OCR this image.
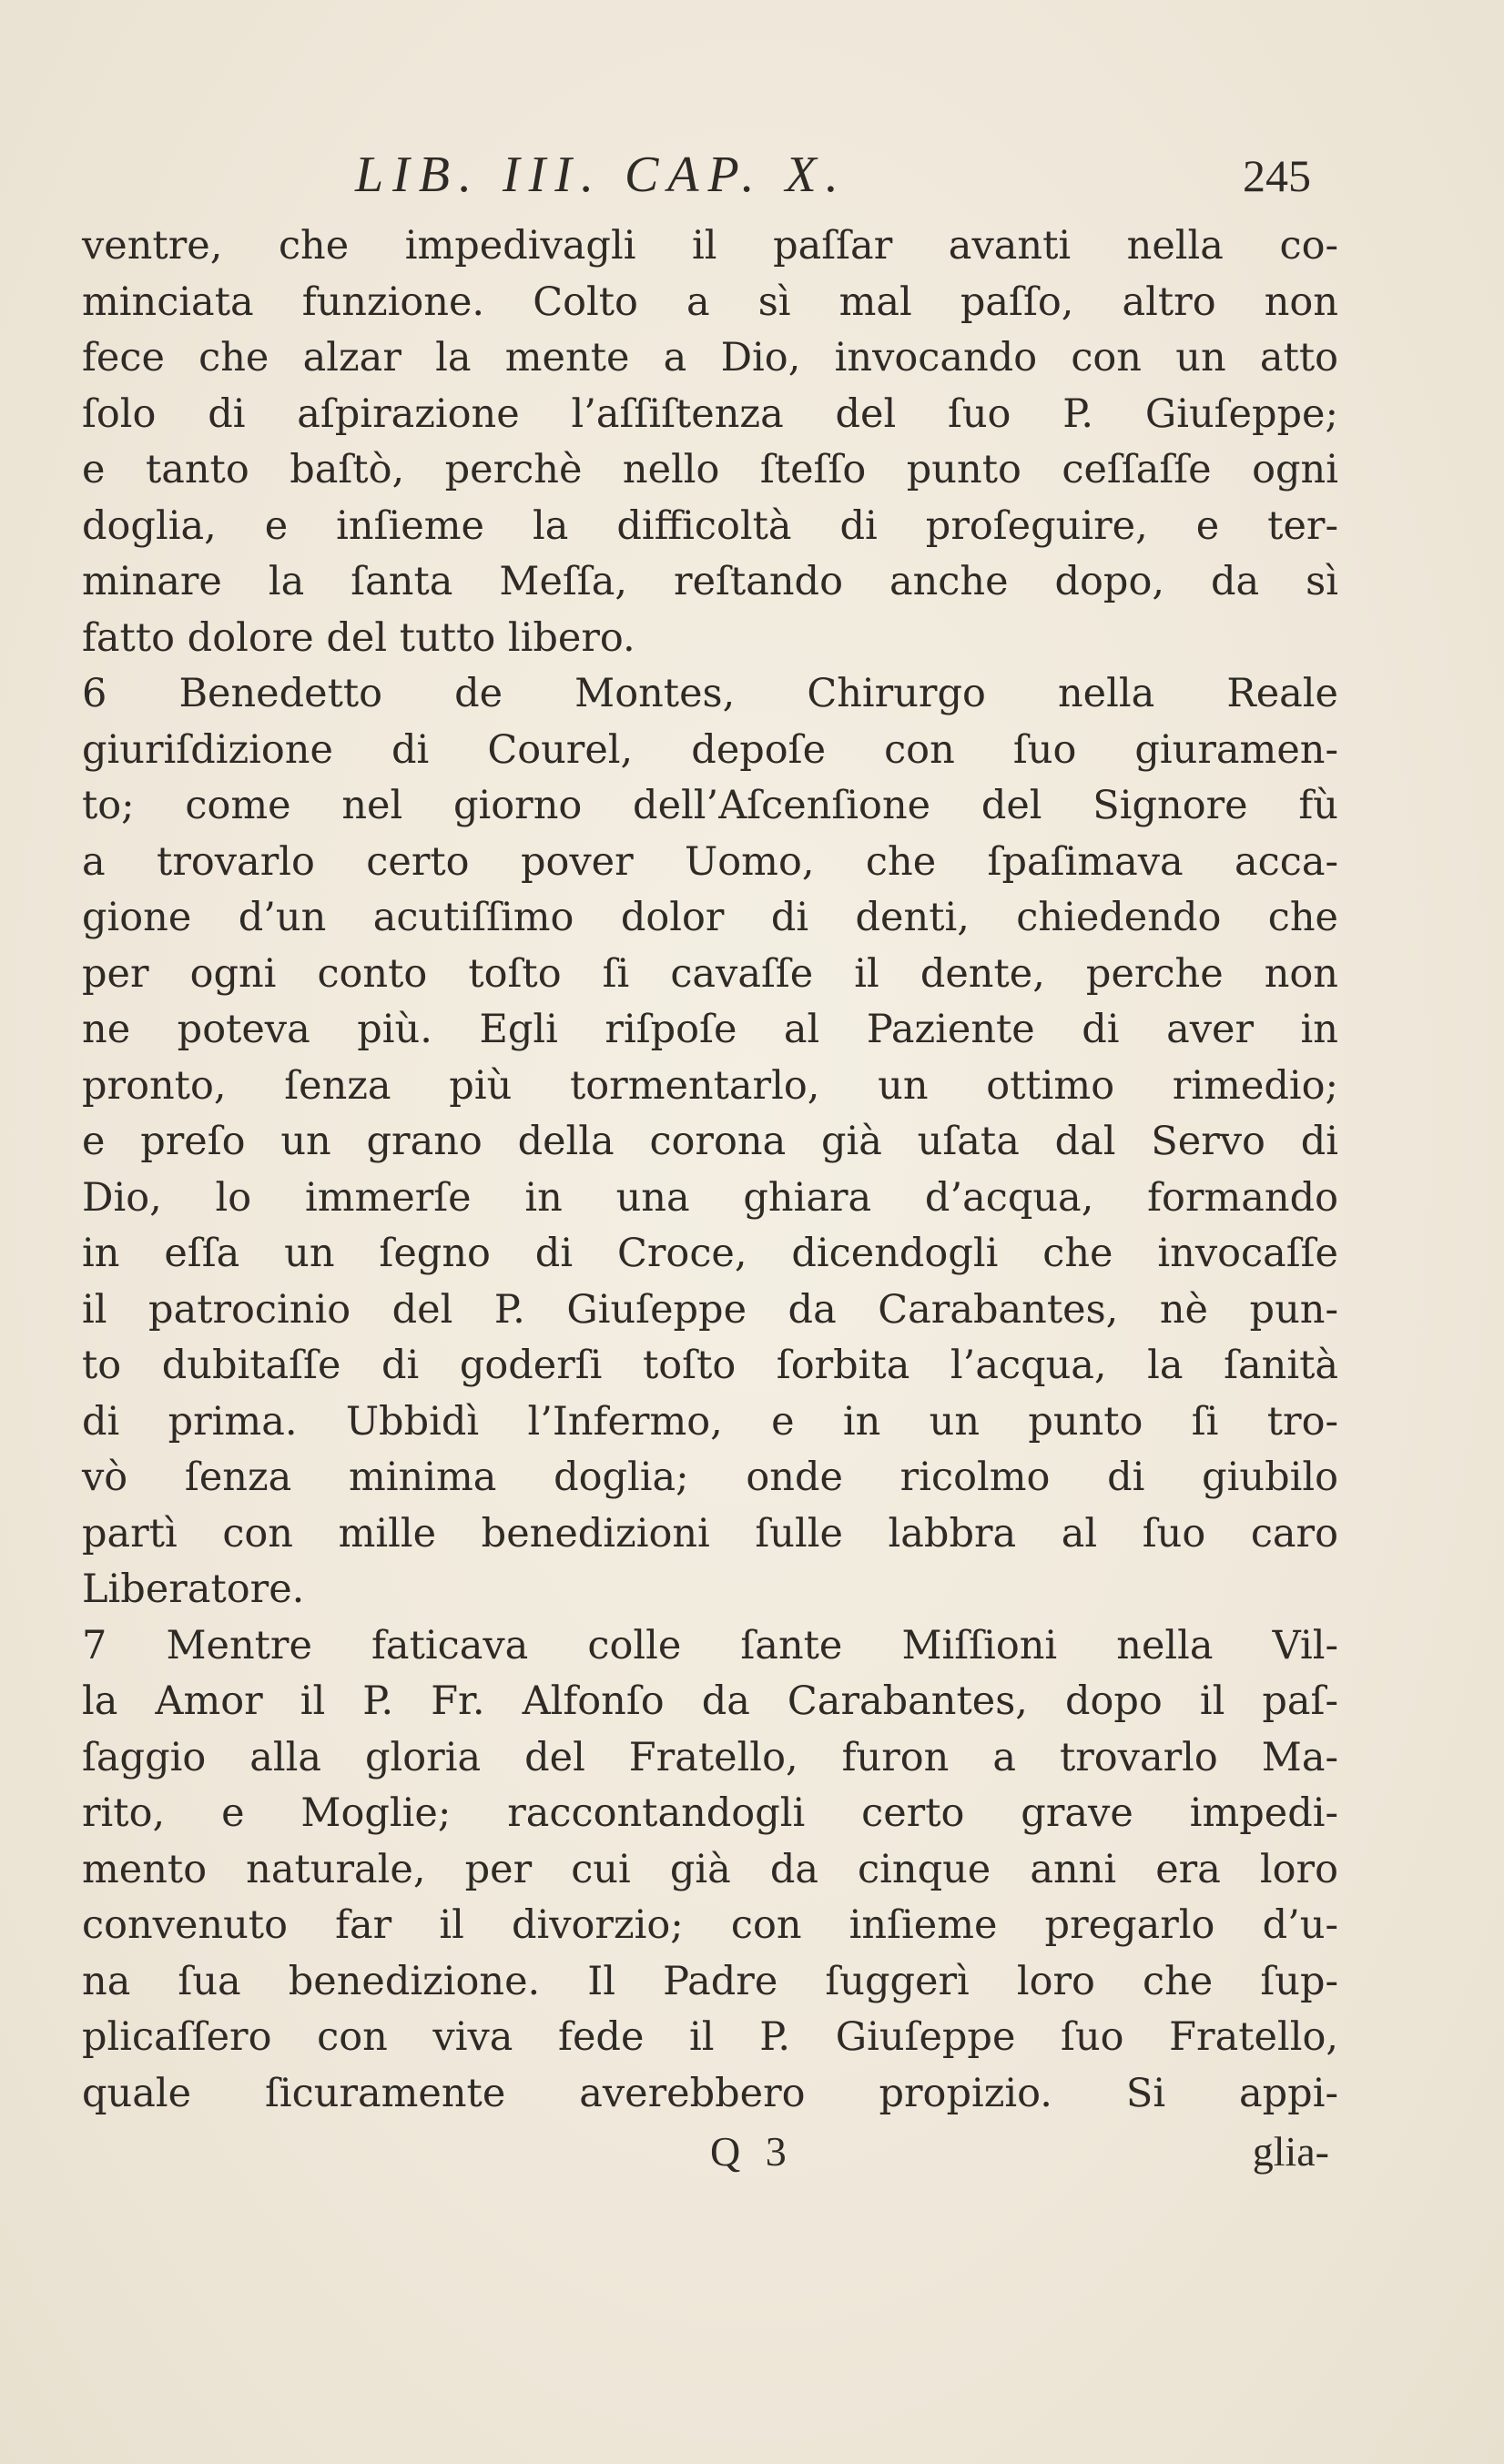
LIB. III. CAP. X.	245
ventre, che impedivagli il paſſar avanti nella co-
minciata funzione. Colto a sì mal paſſo, altro non
fece che alzar la mente a Dio, invocando con un atto
ſolo di aſpirazione l’aſſiſtenza del ſuo P. Giuſeppe;
e tanto baſtò, perchè nello ſteſſo punto ceſſaſſe ogni
doglia, e inſieme la difficoltà di proſeguire, e ter-
minare la ſanta Meſſa, reſtando anche dopo, da sì
fatto dolore del tutto libero.
6 Benedetto de Montes, Chirurgo nella Reale
giuriſdizione di Courel, depoſe con ſuo giuramen-
to; come nel giorno dell’Aſcenſione del Signore fù
a trovarlo certo pover Uomo, che ſpaſimava acca-
gione d’un acutiſſimo dolor di denti, chiedendo che
per ogni conto toſto ſi cavaſſe il dente, perche non
ne poteva più. Egli riſpoſe al Paziente di aver in
pronto, ſenza più tormentarlo, un ottimo rimedio;
e preſo un grano della corona già uſata dal Servo di
Dio, lo immerſe in una ghiara d’acqua, formando
in eſſa un ſegno di Croce, dicendogli che invocaſſe
il patrocinio del P. Giuſeppe da Carabantes, nè pun-
to dubitaſſe di goderſi toſto ſorbita l’acqua, la ſanità
di prima. Ubbidì l’Infermo, e in un punto ſi tro-
vò ſenza minima doglia; onde ricolmo di giubilo
partì con mille benedizioni ſulle labbra al ſuo caro
Liberatore.
7 Mentre faticava colle ſante Miſſioni nella Vil-
la Amor il P. Fr. Alfonſo da Carabantes, dopo il paſ-
ſaggio alla gloria del Fratello, furon a trovarlo Ma-
rito, e Moglie; raccontandogli certo grave impedi-
mento naturale, per cui già da cinque anni era loro
convenuto far il divorzio; con inſieme pregarlo d’u-
na ſua benedizione. Il Padre ſuggerì loro che ſup-
plicaſſero con viva fede il P. Giuſeppe ſuo Fratello,
quale ſicuramente averebbero propizio. Si appi-
Q 3	glia-
